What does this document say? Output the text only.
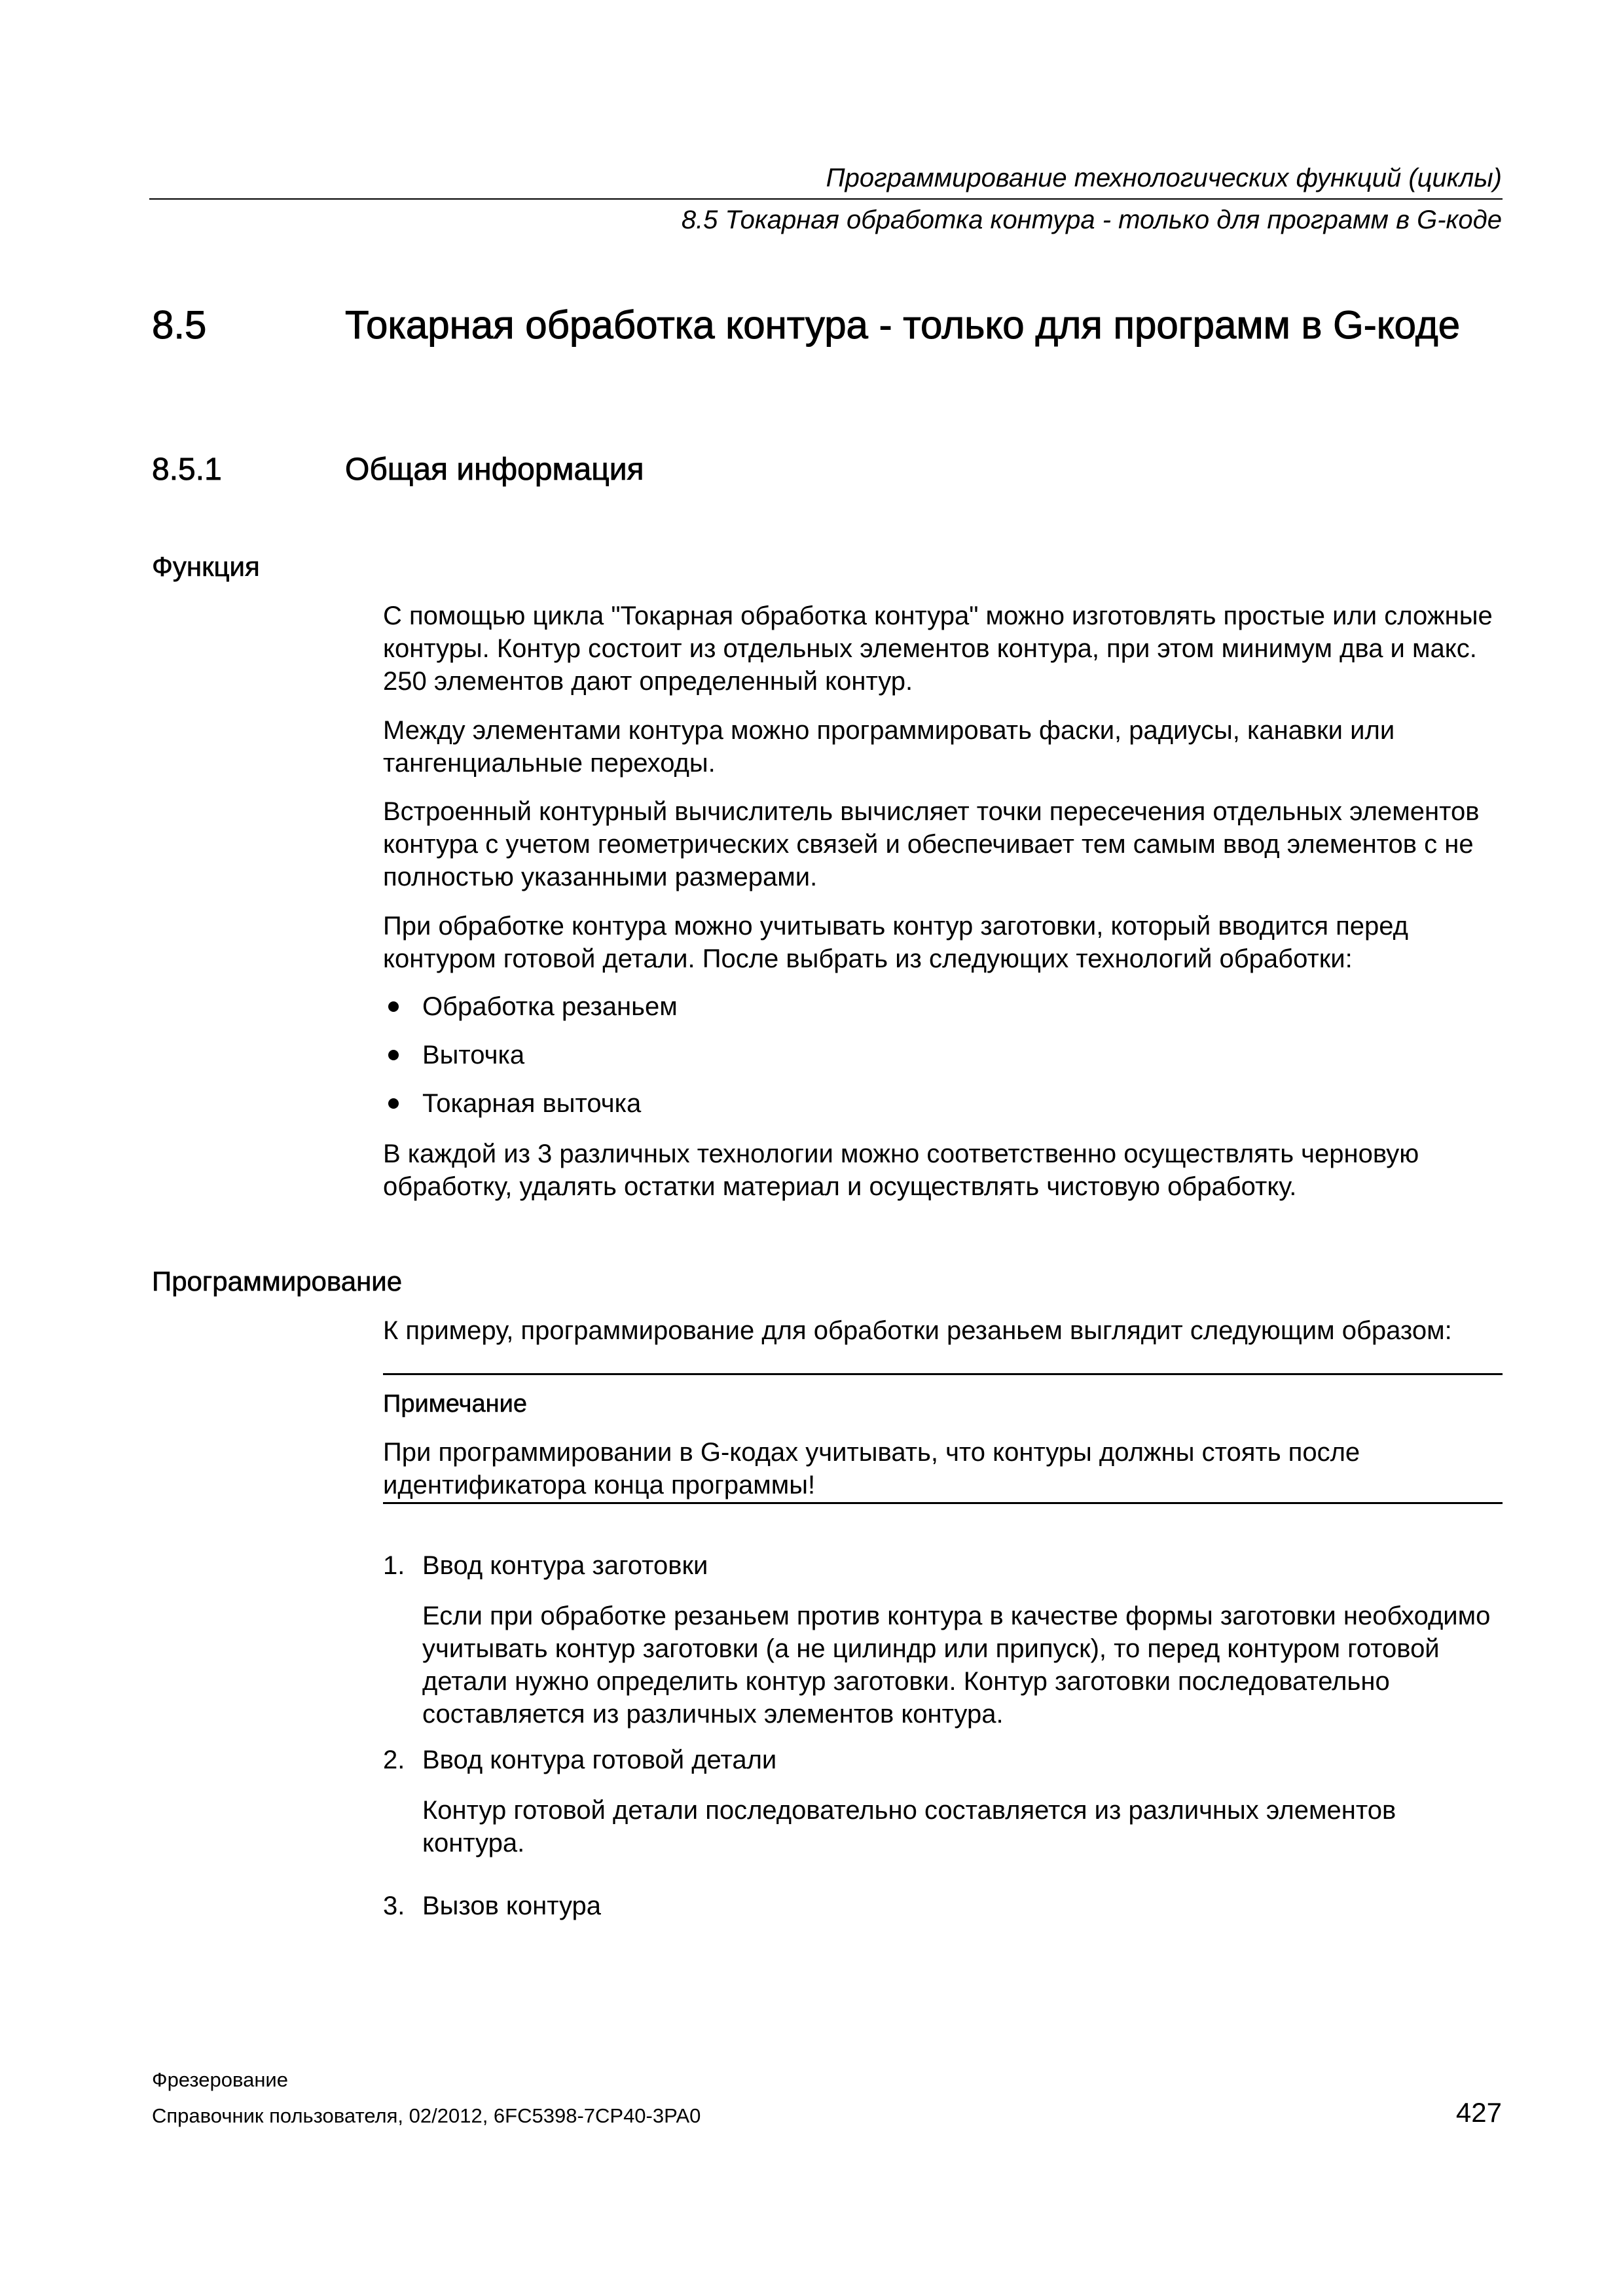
Программирование технологических функций (циклы)
8.5 Токарная обработка контура - только для программ в G-коде
8.5	Токарная обработка контура - только для программ в G-коде
8.5.1	Общая информация
Функция

С помощью цикла "Токарная обработка контура" можно изготовлять простые или сложные контуры. Контур состоит из отдельных элементов контура, при этом минимум два и макс. 250 элементов дают определенный контур.

Между элементами контура можно программировать фаски, радиусы, канавки или тангенциальные переходы.

Встроенный контурный вычислитель вычисляет точки пересечения отдельных элементов контура с учетом геометрических связей и обеспечивает тем самым ввод элементов с не полностью указанными размерами.

При обработке контура можно учитывать контур заготовки, который вводится перед контуром готовой детали. После выбрать из следующих технологий обработки:

Обработка резаньем
Выточка
Токарная выточка

В каждой из 3 различных технологии можно соответственно осуществлять черновую обработку, удалять остатки материал и осуществлять чистовую обработку.

Программирование

К примеру, программирование для обработки резаньем выглядит следующим образом:

Примечание

При программировании в G-кодах учитывать, что контуры должны стоять после идентификатора конца программы!

1. Ввод контура заготовки
Если при обработке резаньем против контура в качестве формы заготовки необходимо учитывать контур заготовки (а не цилиндр или припуск), то перед контуром готовой детали нужно определить контур заготовки. Контур заготовки последовательно составляется из различных элементов контура.
2. Ввод контура готовой детали
Контур готовой детали последовательно составляется из различных элементов контура.
3. Вызов контура
Фрезерование
Справочник пользователя, 02/2012, 6FC5398-7CP40-3PA0	427
